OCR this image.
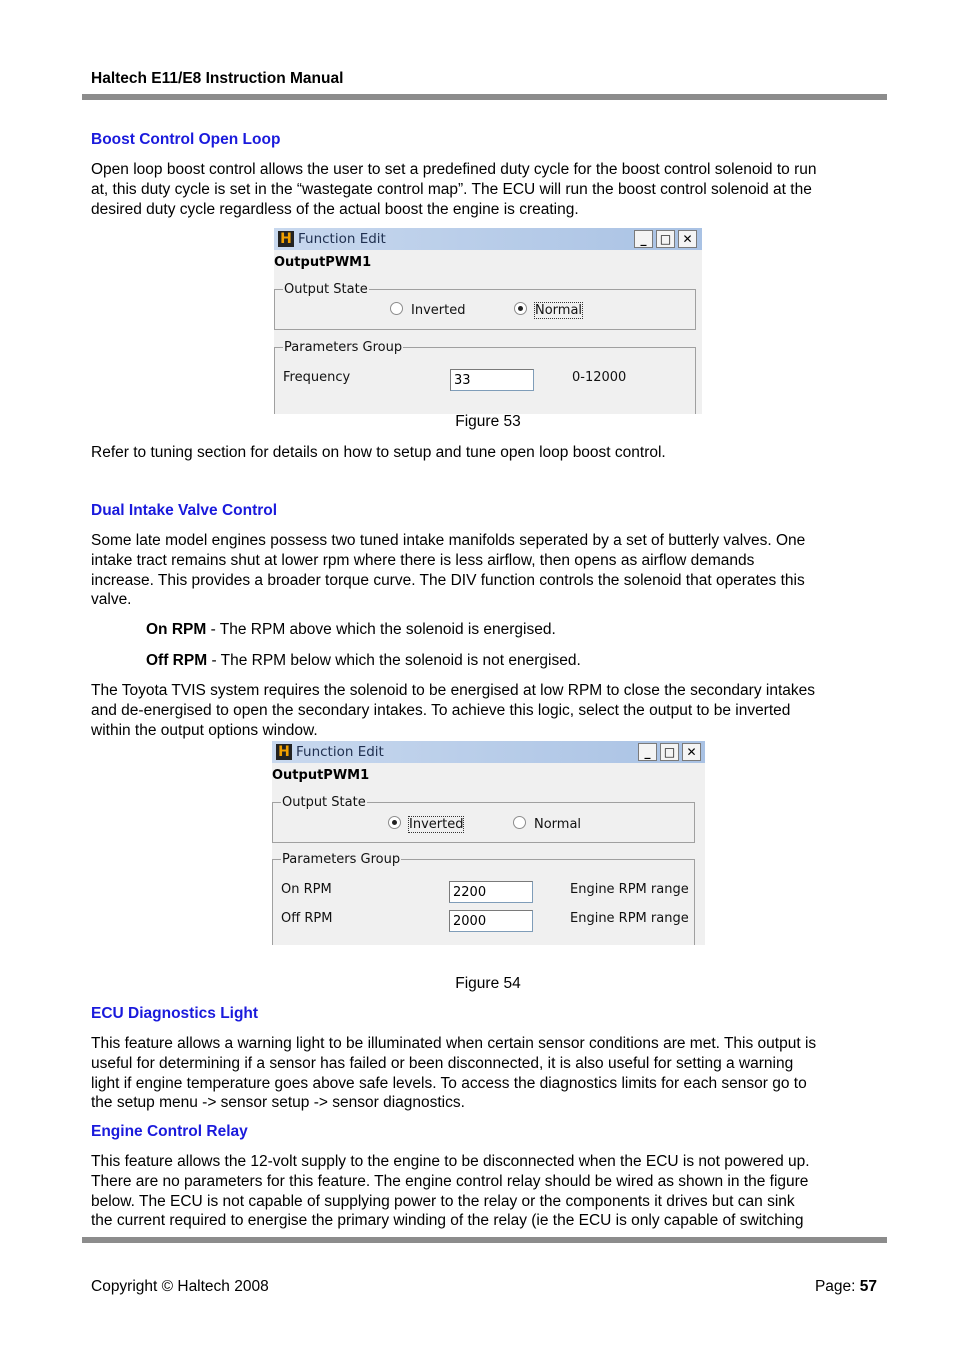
Haltech E11/E8 Instruction Manual
Boost Control Open Loop
Open loop boost control allows the user to set a predefined duty cycle for the boost control solenoid to run
at, this duty cycle is set in the “wastegate control map”. The ECU will run the boost control solenoid at the
desired duty cycle regardless of the actual boost the engine is creating.
H Function Edit	_	□ ✕
OutputPWM1
Output State
Inverted	Normal
Parameters Group
Frequency	33	0-12000
Figure 53
Refer to tuning section for details on how to setup and tune open loop boost control.
Dual Intake Valve Control
Some late model engines possess two tuned intake manifolds seperated by a set of butterly valves. One
intake tract remains shut at lower rpm where there is less airflow, then opens as airflow demands
increase. This provides a broader torque curve. The DIV function controls the solenoid that operates this
valve.
On RPM - The RPM above which the solenoid is energised.
Off RPM - The RPM below which the solenoid is not energised.
The Toyota TVIS system requires the solenoid to be energised at low RPM to close the secondary intakes
and de-energised to open the secondary intakes. To achieve this logic, select the output to be inverted
within the output options window.
H Function Edit	_	□ ✕
OutputPWM1
Output State
Inverted	Normal
Parameters Group
On RPM	2200	Engine RPM range
Off RPM	2000	Engine RPM range
Figure 54
ECU Diagnostics Light
This feature allows a warning light to be illuminated when certain sensor conditions are met. This output is
useful for determining if a sensor has failed or been disconnected, it is also useful for setting a warning
light if engine temperature goes above safe levels. To access the diagnostics limits for each sensor go to
the setup menu -> sensor setup -> sensor diagnostics.
Engine Control Relay
This feature allows the 12-volt supply to the engine to be disconnected when the ECU is not powered up.
There are no parameters for this feature. The engine control relay should be wired as shown in the figure
below. The ECU is not capable of supplying power to the relay or the components it drives but can sink
the current required to energise the primary winding of the relay (ie the ECU is only capable of switching
Copyright © Haltech 2008	Page: 57
